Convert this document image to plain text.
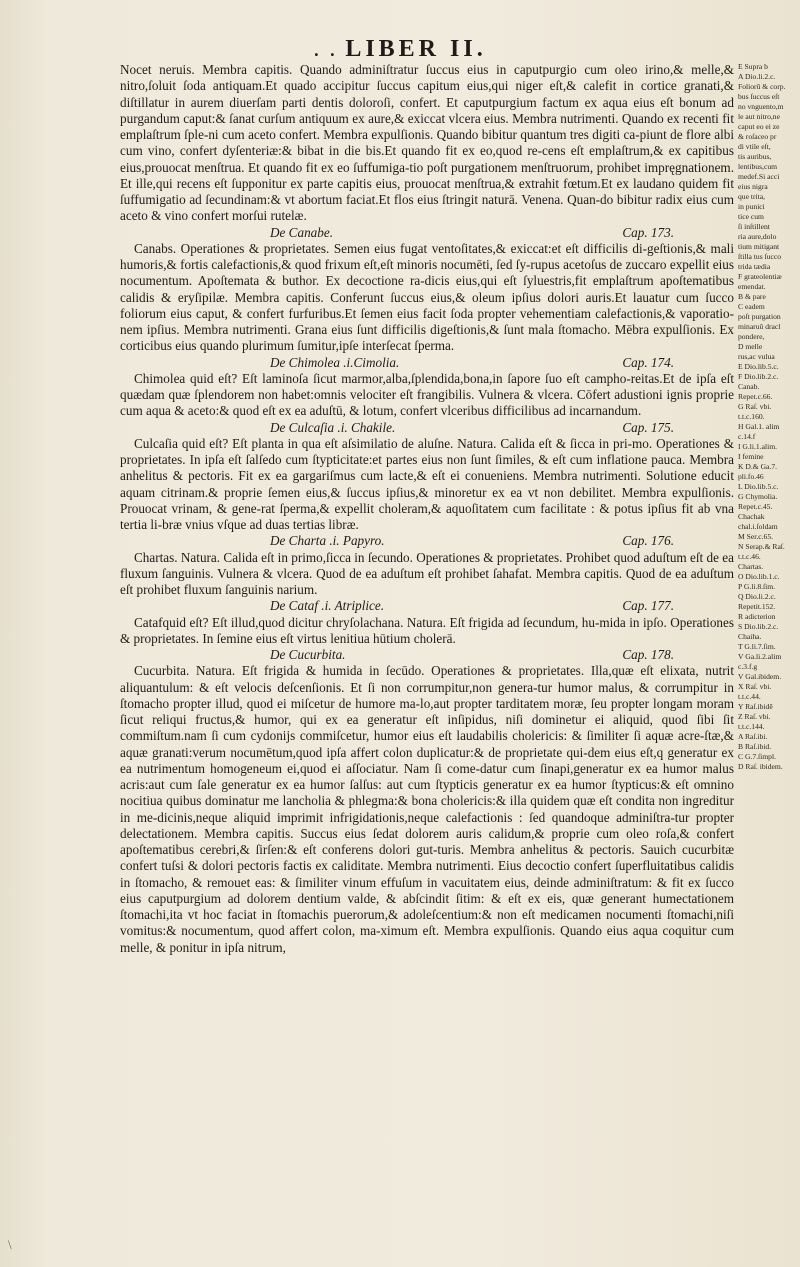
. . LIBER II.

Nocet neruis. Membra capitis. Quando adminiſtratur ſuccus eius in caputpurgio cum oleo irino,& melle,& nitro,ſoluit ſoda antiquam.Et quado accipitur ſuccus capitum eius,qui niger eſt,& calefit in cortice granati,& diſtillatur in aurem diuerſam parti dentis doloroſi, confert. Et caputpurgium factum ex aqua eius eſt bonum ad purgandum caput:& ſanat curſum antiquum ex aure,& exiccat vlcera eius. Membra nutrimenti. Quando ex recenti fit emplaſtrum ſple-ni cum aceto confert. Membra expulſionis. Quando bibitur quantum tres digiti ca-piunt de flore albi cum vino, confert dyſenteriæ:& bibat in die bis.Et quando fit ex eo,quod re-cens eſt emplaſtrum,& ex capitibus eius,prouocat menſtrua. Et quando fit ex eo ſuffumiga-tio poſt purgationem menſtruorum, prohibet impręgnationem. Et ille,qui recens eſt ſupponitur ex parte capitis eius, prouocat menſtrua,& extrahit fœtum.Et ex laudano quidem fit ſuffumigatio ad ſecundinam:& vt abortum faciat.Et flos eius ſtringit naturā. Venena. Quan-do bibitur radix eius cum aceto & vino confert morſui rutelæ.

De Canabe.	Cap. 173.

Canabs. Operationes & proprietates. Semen eius fugat ventoſitates,& exiccat:et eſt difficilis di-geſtionis,& mali humoris,& fortis calefactionis,& quod frixum eſt,eſt minoris nocumēti, ſed ſy-rupus acetoſus de zuccaro expellit eius nocumentum. Apoſtemata & buthor. Ex decoctione ra-dicis eius,qui eſt ſyluestris,fit emplaſtrum apoſtematibus calidis & eryſipilæ. Membra capitis. Conferunt ſuccus eius,& oleum ipſius dolori auris.Et lauatur cum ſucco foliorum eius caput, & confert furfuribus.Et ſemen eius facit ſoda propter vehementiam calefactionis,& vaporatio-nem ipſius. Membra nutrimenti. Grana eius ſunt difficilis digeſtionis,& ſunt mala ſtomacho. Mēbra expulſionis. Ex corticibus eius quando plurimum ſumitur,ipſe interſecat ſperma.

De Chimolea .i.Cimolia.	Cap. 174.

Chimolea quid eſt? Eſt laminoſa ſicut marmor,alba,ſplendida,bona,in ſapore ſuo eſt campho-reitas.Et de ipſa eſt quædam quæ ſplendorem non habet:omnis velociter eſt frangibilis. Vulnera & vlcera. Cōfert adustioni ignis proprie cum aqua & aceto:& quod eſt ex ea aduſtū, & lotum, confert vlceribus difficilibus ad incarnandum.

De Culcaſia .i. Chakile.	Cap. 175.

Culcaſia quid eſt? Eſt planta in qua eſt aſsimilatio de aluſne. Natura. Calida eſt & ſicca in pri-mo. Operationes & proprietates. In ipſa eſt ſalſedo cum ſtypticitate:et partes eius non ſunt ſimiles, & eſt cum inflatione pauca. Membra anhelitus & pectoris. Fit ex ea gargariſmus cum lacte,& eſt ei conueniens. Membra nutrimenti. Solutione educit aquam citrinam.& proprie ſemen eius,& ſuccus ipſius,& minoretur ex ea vt non debilitet. Membra expulſionis. Prouocat vrinam, & gene-rat ſperma,& expellit choleram,& aquoſitatem cum facilitate : & potus ipſius fit ab vna tertia li-bræ vnius vſque ad duas tertias libræ.

De Charta .i. Papyro.	Cap. 176.

Chartas. Natura. Calida eſt in primo,ſicca in ſecundo. Operationes & proprietates. Prohibet quod aduſtum eſt de ea fluxum ſanguinis. Vulnera & vlcera. Quod de ea aduſtum eſt prohibet ſahafat. Membra capitis. Quod de ea aduſtum eſt prohibet fluxum ſanguinis narium.

De Cataf .i. Atriplice.	Cap. 177.

Catafquid eſt? Eſt illud,quod dicitur chryſolachana. Natura. Eſt frigida ad ſecundum, hu-mida in ipſo. Operationes & proprietates. In ſemine eius eſt virtus lenitiua hūtium cholerā.

De Cucurbita.	Cap. 178.

Cucurbita. Natura. Eſt frigida & humida in ſecūdo. Operationes & proprietates. Illa,quæ eſt elixata, nutrit aliquantulum: & eſt velocis deſcenſionis. Et ſi non corrumpitur,non genera-tur humor malus, & corrumpitur in ſtomacho propter illud, quod ei miſcetur de humore ma-lo,aut propter tarditatem moræ, ſeu propter longam moram ſicut reliqui fructus,& humor, qui ex ea generatur eſt inſipidus, niſi dominetur ei aliquid, quod ſibi ſit commiſtum.nam ſi cum cydonijs commiſcetur, humor eius eſt laudabilis cholericis: & ſimiliter ſi aquæ acre-ſtæ,& aquæ granati:verum nocumētum,quod ipſa affert colon duplicatur:& de proprietate qui-dem eius eſt,q generatur ex ea nutrimentum homogeneum ei,quod ei aſſociatur. Nam ſi come-datur cum ſinapi,generatur ex ea humor malus acris:aut cum ſale generatur ex ea humor ſalſus: aut cum ſtypticis generatur ex ea humor ſtypticus:& eſt omnino nocitiua quibus dominatur me lancholia & phlegma:& bona cholericis:& illa quidem quæ eſt condita non ingreditur in me-dicinis,neque aliquid imprimit infrigidationis,neque calefactionis : ſed quandoque adminiſtra-tur propter delectationem. Membra capitis. Succus eius ſedat dolorem auris calidum,& proprie cum oleo roſa,& confert apoſtematibus cerebri,& ſirſen:& eſt conferens dolori gut-turis. Membra anhelitus & pectoris. Sauich cucurbitæ confert tuſsi & dolori pectoris factis ex caliditate. Membra nutrimenti. Eius decoctio confert ſuperfluitatibus calidis in ſtomacho, & remouet eas: & ſimiliter vinum effuſum in vacuitatem eius, deinde adminiſtratum: & fit ex ſucco eius caputpurgium ad dolorem dentium valde, & abſcindit ſitim: & eſt ex eis, quæ generant humectationem ſtomachi,ita vt hoc faciat in ſtomachis puerorum,& adoleſcentium:& non eſt medicamen nocumenti ſtomachi,niſi vomitus:& nocumentum, quod affert colon, ma-ximum eſt. Membra expulſionis. Quando eius aqua coquitur cum melle, & ponitur in ipſa nitrum,

E Supra b
A Dio.li.2.c.
Foliorū & corp.
bus ſuccus eſt
no vnguento,m
le aut nitro,ne
caput eo ei ze
& roſaceo pr
di vtile eſt,
tis auribus,
lentibus,cum
medef.Si acci
eius nigra
que trita,
in punici
tice cum
ſi inſtillent
ria aure,dolo
tium mitigant
ſtilla tus ſucco
trida tædia
F grateolentiæ
emendat.
B & pare
C eadem
poſt purgation
minaruū dracl
pondere,
D melle
rus,ac vulua
E Dio.lib.5.c.
F Dio.lib.2.c.
Canab.
Repet.c.66.
G Raſ. vbi.
t.t.c.160.
H Gal.1. alim
c.14.f
I G.li.1.alim.
I femine
K D.& Ga.7.
pli.fo.46
L Dio.lib.5.c.
G Chymolia.
Repet.c.45.
Chachak
chal.i.ſoldam
M Ser.c.65.
N Serap.& Raſ.
t.t.c.46.
Chartas.
O Dio.lib.1.c.
P G.li.8.ſim.
Q Dio.li.2.c.
Repetit.152.
R adicterion
S Dio.lib.2.c.
Chaiha.
T G.li.7.ſim.
V Ga.li.2.alim
c.3.f.g
V Gal.ibidem.
X Raſ. vbi.
t.t.c.44.
Y Raſ.ibidē
Z Raſ. vbi.
t.t.c.144.
A Raſ.ibi.
B Raſ.ibid.
C G.7.ſimpl.
D Raſ. ibidem.
\
